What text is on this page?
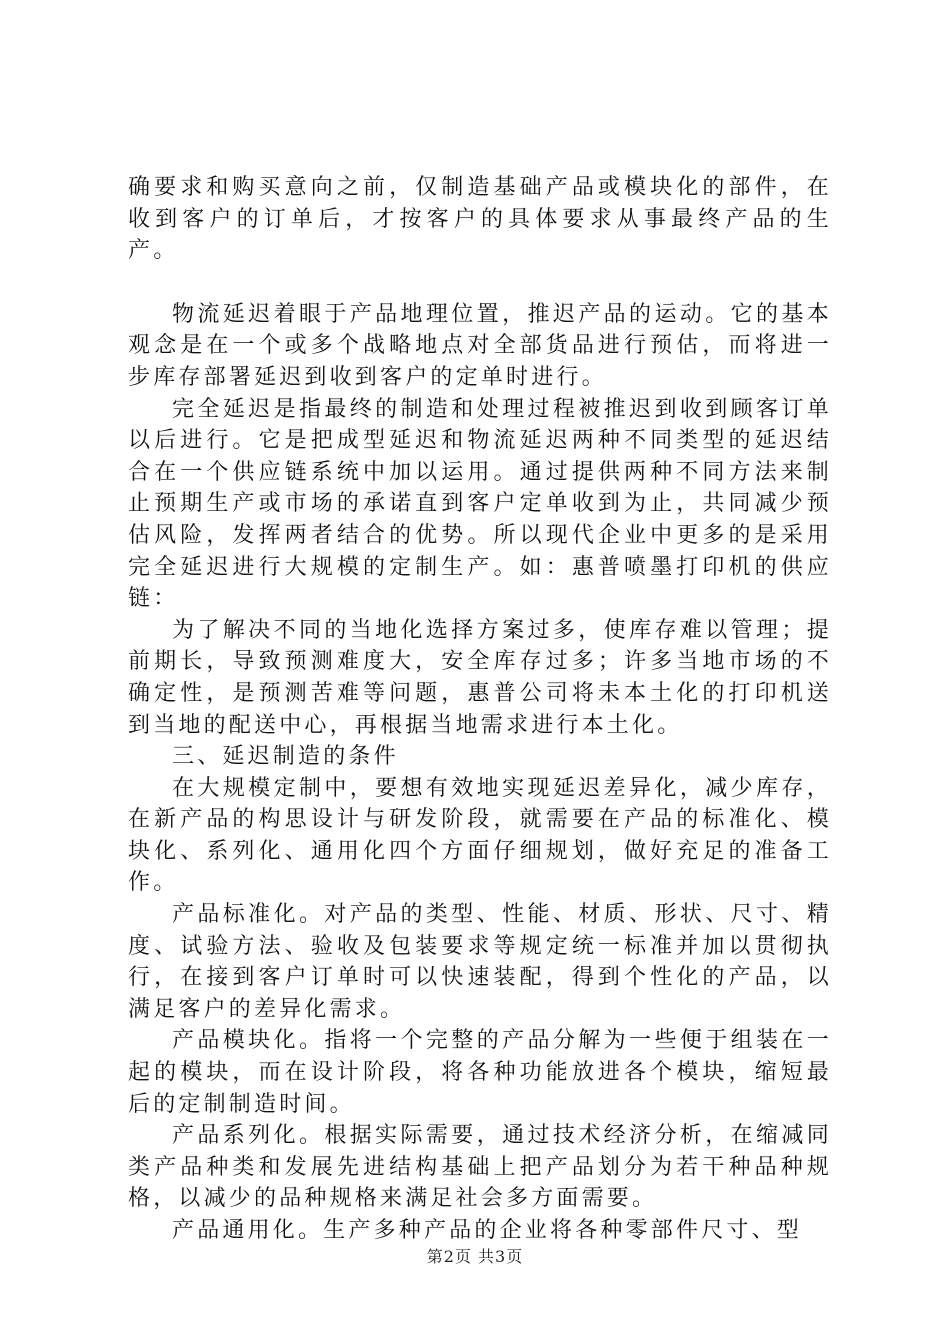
确要求和购买意向之前，仅制造基础产品或模块化的部件，在收到客户的订单后，才按客户的具体要求从事最终产品的生产。

物流延迟着眼于产品地理位置，推迟产品的运动。它的基本观念是在一个或多个战略地点对全部货品进行预估，而将进一步库存部署延迟到收到客户的定单时进行。

完全延迟是指最终的制造和处理过程被推迟到收到顾客订单以后进行。它是把成型延迟和物流延迟两种不同类型的延迟结合在一个供应链系统中加以运用。通过提供两种不同方法来制止预期生产或市场的承诺直到客户定单收到为止，共同减少预估风险，发挥两者结合的优势。所以现代企业中更多的是采用完全延迟进行大规模的定制生产。如：惠普喷墨打印机的供应链：

为了解决不同的当地化选择方案过多，使库存难以管理；提前期长，导致预测难度大，安全库存过多；许多当地市场的不确定性，是预测苦难等问题，惠普公司将未本土化的打印机送到当地的配送中心，再根据当地需求进行本土化。

三、延迟制造的条件

在大规模定制中，要想有效地实现延迟差异化，减少库存，在新产品的构思设计与研发阶段，就需要在产品的标准化、模块化、系列化、通用化四个方面仔细规划，做好充足的准备工作。

产品标准化。对产品的类型、性能、材质、形状、尺寸、精度、试验方法、验收及包装要求等规定统一标准并加以贯彻执行，在接到客户订单时可以快速装配，得到个性化的产品，以满足客户的差异化需求。

产品模块化。指将一个完整的产品分解为一些便于组装在一起的模块，而在设计阶段，将各种功能放进各个模块，缩短最后的定制制造时间。

产品系列化。根据实际需要，通过技术经济分析，在缩减同类产品种类和发展先进结构基础上把产品划分为若干种品种规格，以减少的品种规格来满足社会多方面需要。

产品通用化。生产多种产品的企业将各种零部件尺寸、型

第2页 共3页
